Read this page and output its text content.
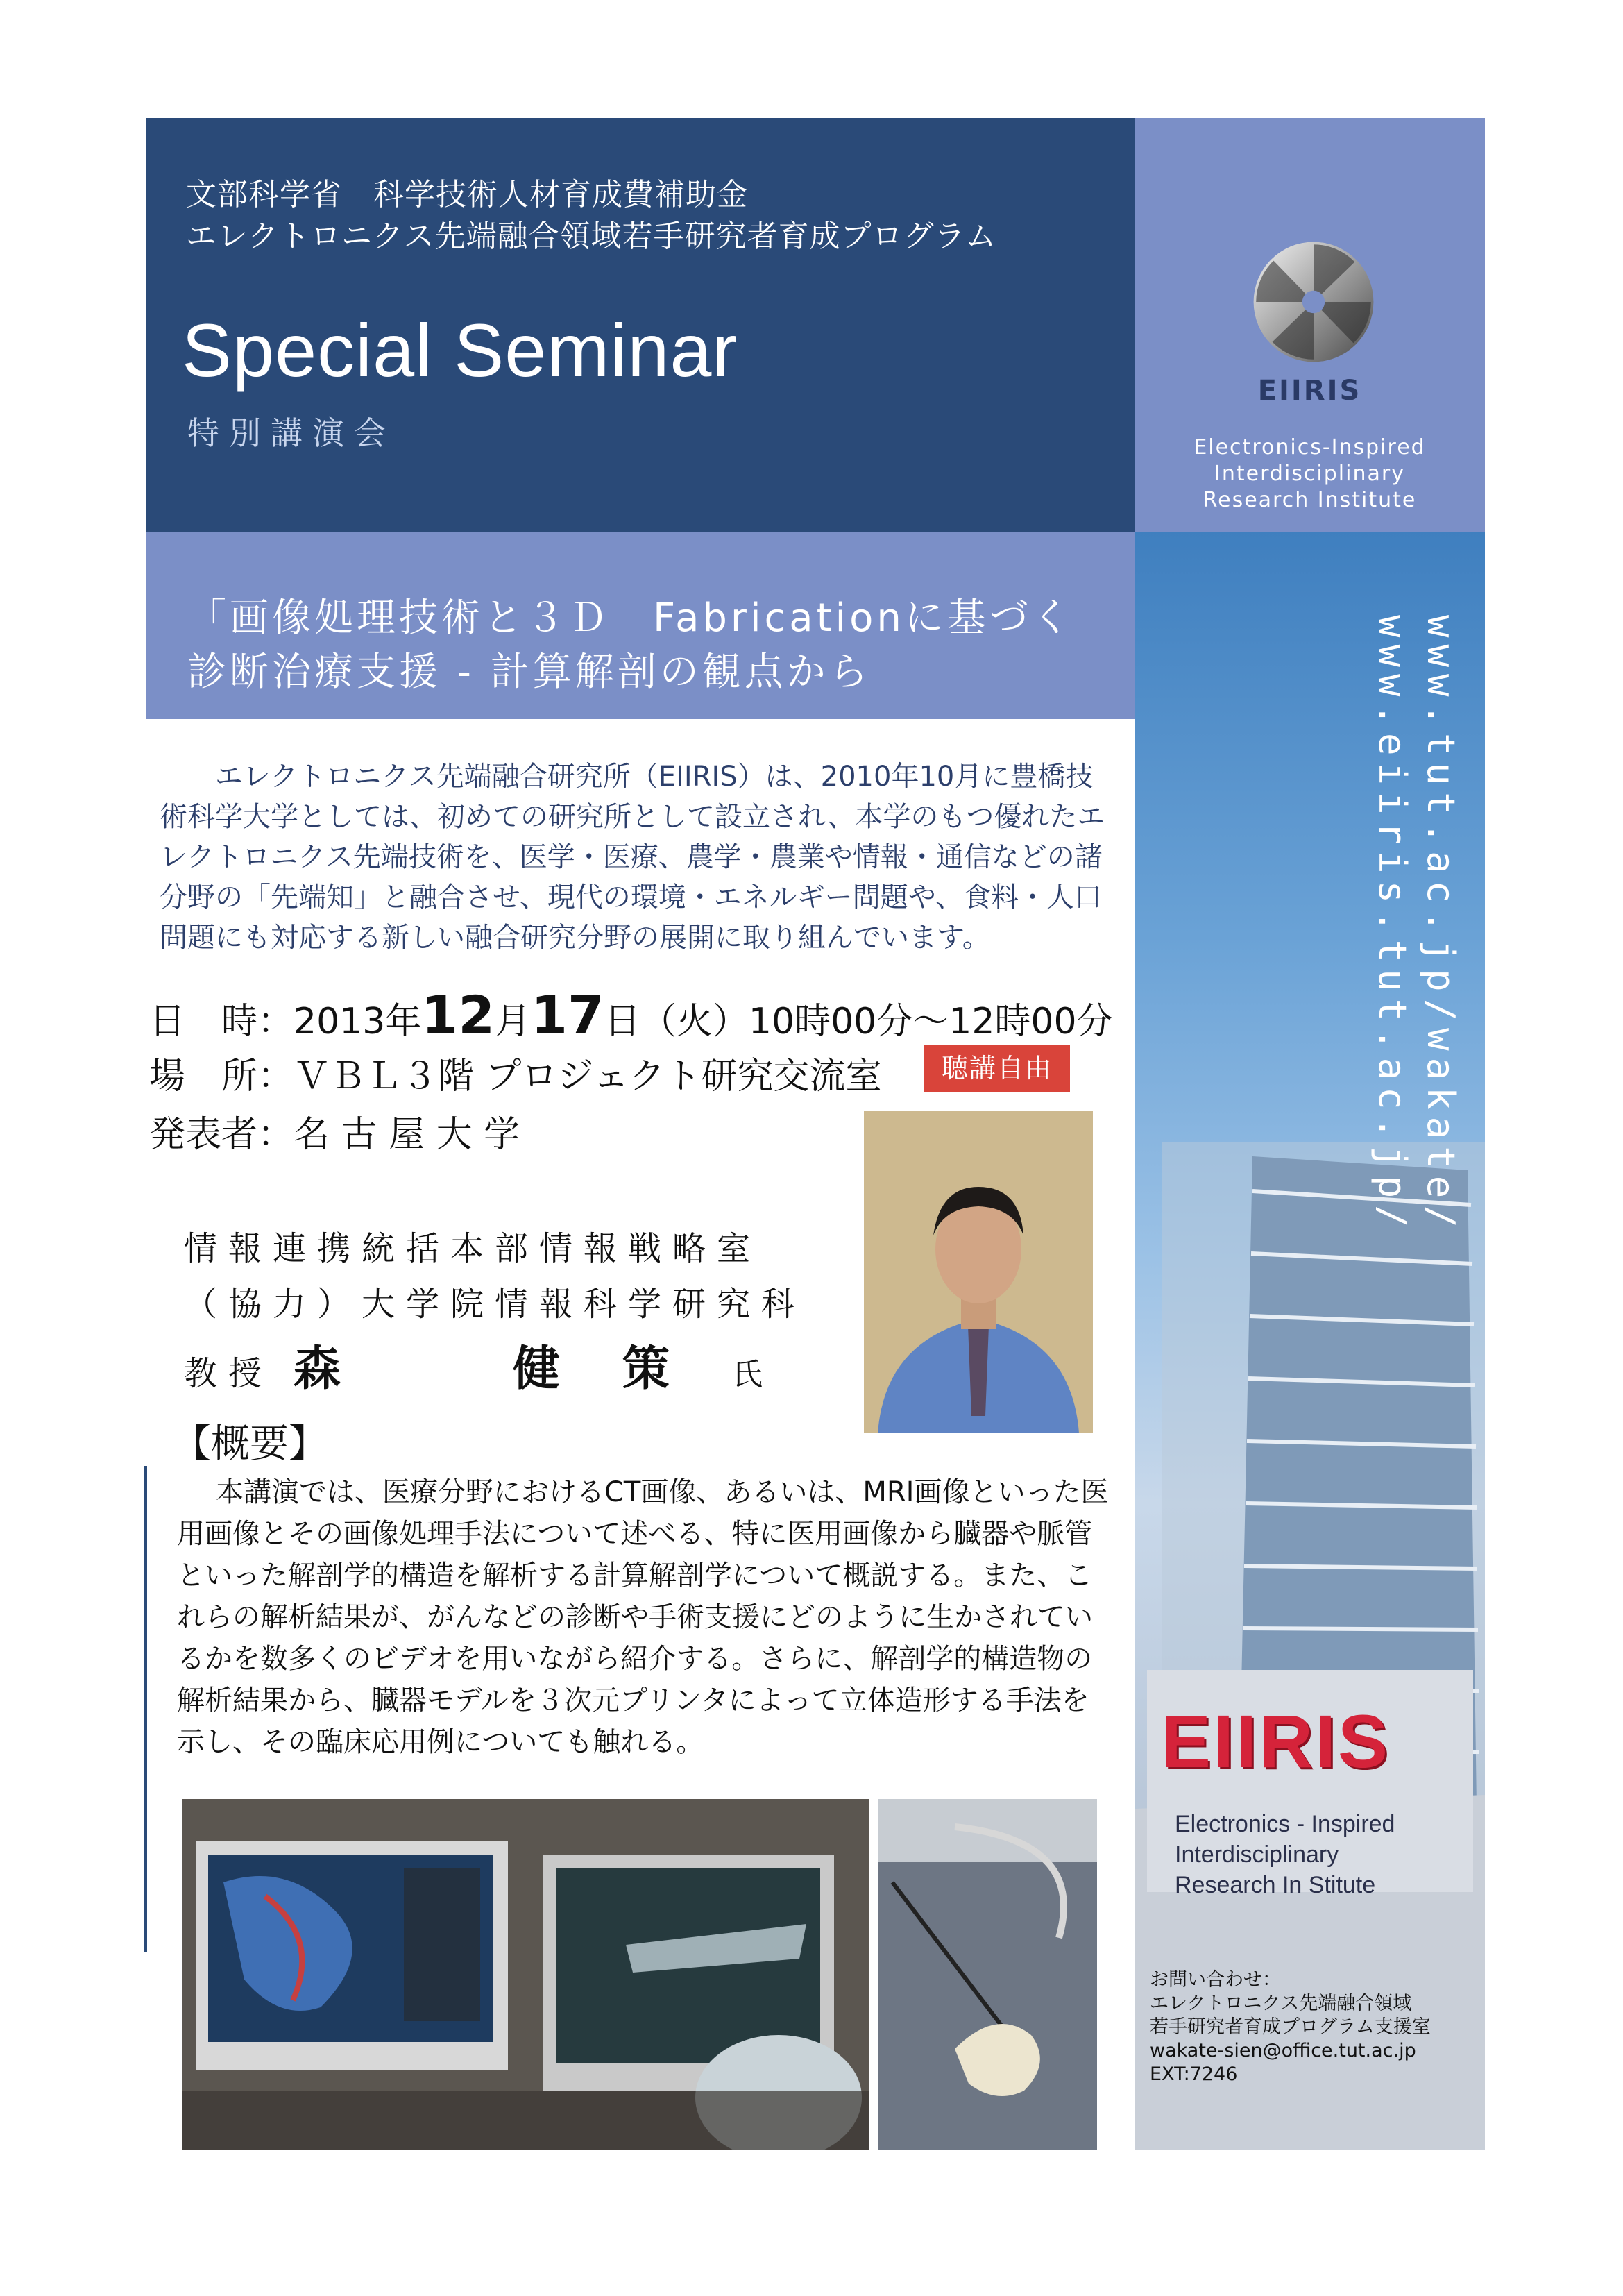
文部科学省　科学技術人材育成費補助金
エレクトロニクス先端融合領域若手研究者育成プログラム
Special Seminar
特別講演会
EIIRIS
Electronics-Inspired
Interdisciplinary
Research Institute
「画像処理技術と３Ｄ　Fabricationに基づく
診断治療支援 - 計算解剖の観点から	www.eiiris.tut.ac.jp/ www.tut.ac.jp/wakate/
EIIRIS
Electronics - Inspired
Interdisciplinary
Research In Stitute
お問い合わせ：
エレクトロニクス先端融合領域
若手研究者育成プログラム支援室
wakate-sien@office.tut.ac.jp
EXT:7246
エレクトロニクス先端融合研究所（EIIRIS）は、2010年10月に豊橋技術科学大学としては、初めての研究所として設立され、本学のもつ優れたエレクトロニクス先端技術を、医学・医療、農学・農業や情報・通信などの諸分野の「先端知」と融合させ、現代の環境・エネルギー問題や、食料・人口問題にも対応する新しい融合研究分野の展開に取り組んでいます。
日　時：2013年12月17日（火）10時00分～12時00分
場　所：ＶＢＬ３階 プロジェクト研究交流室	聴講自由
発表者：名 古 屋 大 学
情報連携統括本部情報戦略室
（協力）大学院情報科学研究科
教授 森　健策氏
【概要】
本講演では、医療分野におけるCT画像、あるいは、MRI画像といった医用画像とその画像処理手法について述べる、特に医用画像から臓器や脈管といった解剖学的構造を解析する計算解剖学について概説する。また、これらの解析結果が、がんなどの診断や手術支援にどのように生かされているかを数多くのビデオを用いながら紹介する。さらに、解剖学的構造物の解析結果から、臓器モデルを３次元プリンタによって立体造形する手法を示し、その臨床応用例についても触れる。
